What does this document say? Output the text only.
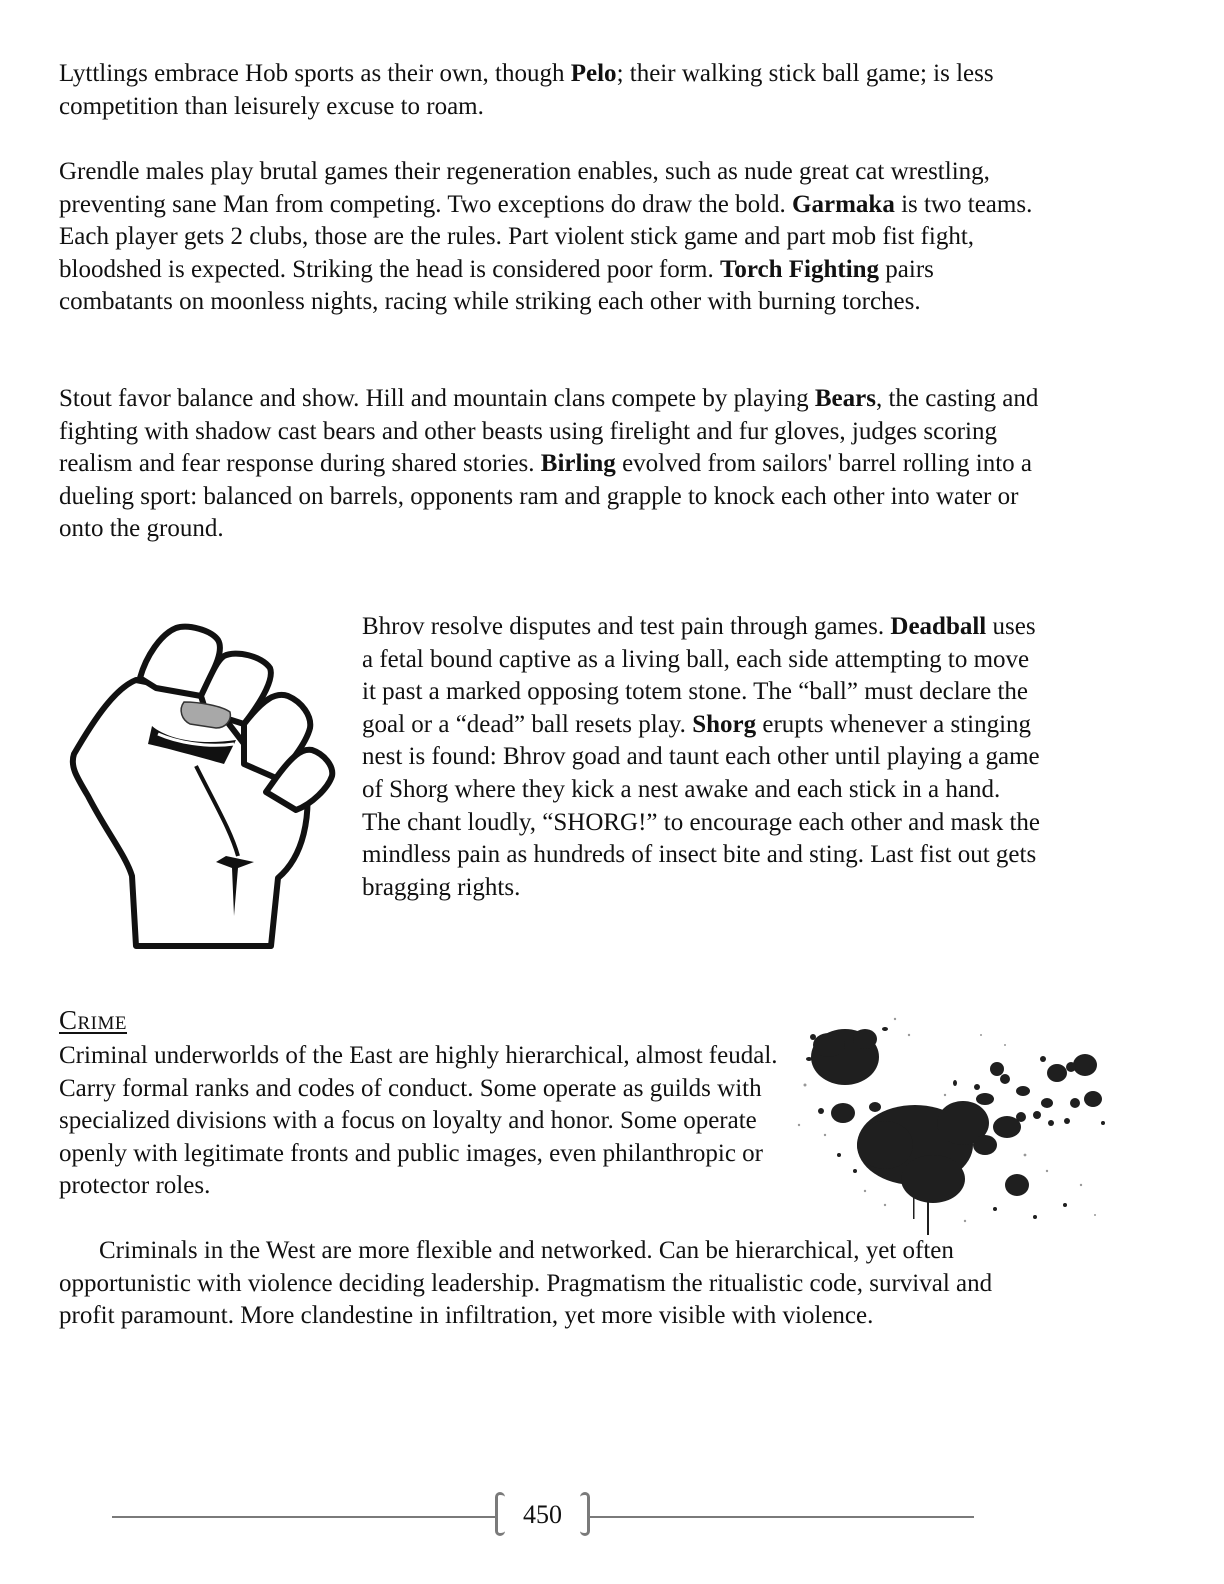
Lyttlings embrace Hob sports as their own, though Pelo; their walking stick ball game; is less competition than leisurely excuse to roam.

Grendle males play brutal games their regeneration enables, such as nude great cat wrestling, preventing sane Man from competing. Two exceptions do draw the bold. Garmaka is two teams. Each player gets 2 clubs, those are the rules. Part violent stick game and part mob fist fight, bloodshed is expected. Striking the head is considered poor form. Torch Fighting pairs combatants on moonless nights, racing while striking each other with burning torches.

Stout favor balance and show. Hill and mountain clans compete by playing Bears, the casting and fighting with shadow cast bears and other beasts using firelight and fur gloves, judges scoring realism and fear response during shared stories. Birling evolved from sailors' barrel rolling into a dueling sport: balanced on barrels, opponents ram and grapple to knock each other into water or onto the ground.

Bhrov resolve disputes and test pain through games. Deadball uses a fetal bound captive as a living ball, each side attempting to move it past a marked opposing totem stone. The “ball” must declare the goal or a “dead” ball resets play. Shorg erupts whenever a stinging nest is found: Bhrov goad and taunt each other until playing a game of Shorg where they kick a nest awake and each stick in a hand. The chant loudly, “SHORG!” to encourage each other and mask the mindless pain as hundreds of insect bite and sting. Last fist out gets bragging rights.

Crime

Criminal underworlds of the East are highly hierarchical, almost feudal. Carry formal ranks and codes of conduct. Some operate as guilds with specialized divisions with a focus on loyalty and honor. Some operate openly with legitimate fronts and public images, even philanthropic or protector roles.

Criminals in the West are more flexible and networked. Can be hierarchical, yet often opportunistic with violence deciding leadership. Pragmatism the ritualistic code, survival and profit paramount. More clandestine in infiltration, yet more visible with violence.

450
